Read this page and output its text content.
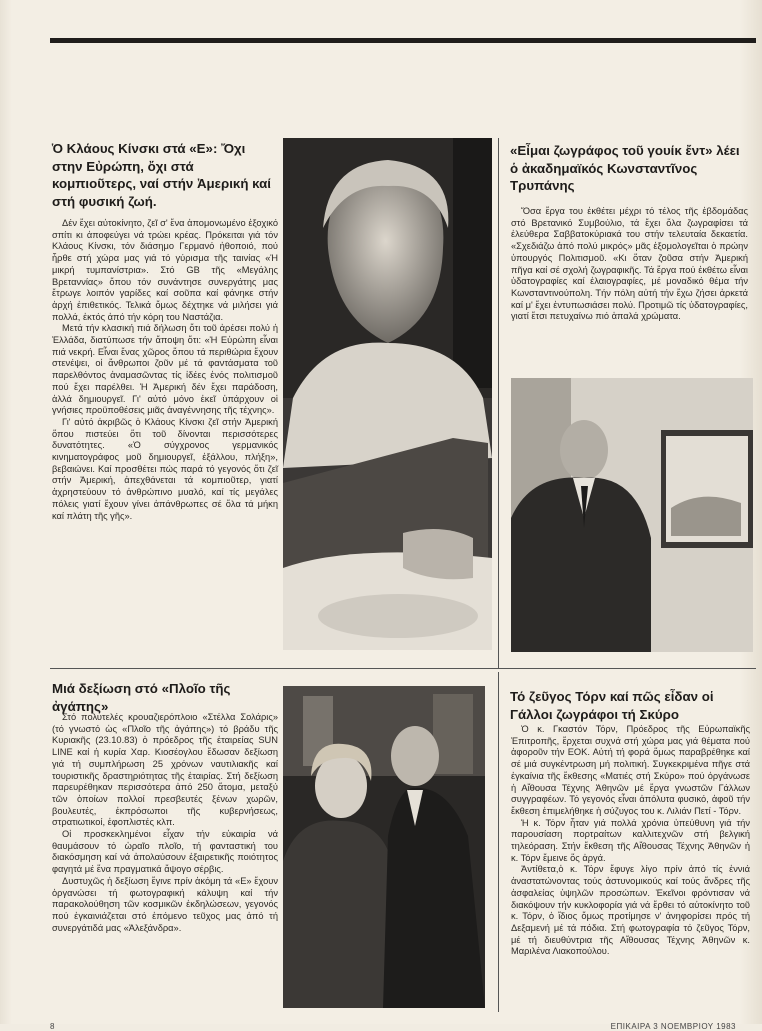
Ὁ Κλάους Κίνσκι στά «Ε»: Ὄχι στην Εὐρώπη, ὄχι στά κομπιοῦτερς, ναί στήν Ἀμερική καί στή φυσική ζωή.

Δέν ἔχει αὐτοκίνητο, ζεῖ σ' ἕνα ἀπομονωμένο ἐξοχικό σπίτι κι ἀποφεύγει νά τρώει κρέας. Πρόκειται γιά τόν Κλάους Κίνσκι, τόν διάσημο Γερμανό ἠθοποιό, πού ἦρθε στή χώρα μας γιά τό γύρισμα τῆς ταινίας «Ἡ μικρή τυμπανίστρια». Στό GB τῆς «Μεγάλης Βρεταννίας» ὅπου τόν συνάντησε συνεργάτης μας ἔτρωγε λοιπόν γαρίδες καί σοῦπα καί φάνηκε στήν ἀρχή ἐπιθετικός. Τελικά ὅμως δέχτηκε νά μιλήσει γιά πολλά, ἐκτός ἀπό τήν κόρη του Ναστάζια.

Μετά τήν κλασική πιά δήλωση ὅτι τοῦ ἀρέσει πολύ ἡ Ἑλλάδα, διατύπωσε τήν ἄποψη ὅτι: «Ἡ Εὐρώπη εἶναι πιά νεκρή. Εἶναι ἕνας χῶρος ὅπου τά περιθώρια ἔχουν στενέψει, οἱ ἄνθρωποι ζοῦν μέ τά φαντάσματα τοῦ παρελθόντος ἀναμασῶντας τίς ἰδέες ἑνός πολιτισμοῦ πού ἔχει παρέλθει. Ἡ Ἀμερική δέν ἔχει παράδοση, ἀλλά δημιουργεῖ. Γι' αὐτό μόνο ἐκεῖ ὑπάρχουν οἱ γνήσιες προϋποθέσεις μιᾶς ἀναγέννησης τῆς τέχνης».

Γι' αὐτό ἀκριβῶς ὁ Κλάους Κίνσκι ζεῖ στήν Ἀμερική ὅπου πιστεύει ὅτι τοῦ δίνονται περισσότερες δυνατότητες. «Ὁ σύγχρονος γερμανικός κινηματογράφος μοῦ δημιουργεῖ, ἐξάλλου, πλήξη», βεβαιώνει. Καί προσθέτει πώς παρά τό γεγονός ὅτι ζεῖ στήν Ἀμερική, ἀπεχθάνεται τά κομπιοῦτερ, γιατί ἀχρηστεύουν τό ἀνθρώπινο μυαλό, καί τίς μεγάλες πόλεις γιατί ἔχουν γίνει ἀπάνθρωπες σέ ὅλα τά μήκη καί πλάτη τῆς γῆς».

«Εἶμαι ζωγράφος τοῦ γουίκ ἔντ» λέει ὁ ἀκαδημαϊκός Κωνσταντῖνος Τρυπάνης

Ὅσα ἔργα του ἐκθέτει μέχρι τό τέλος τῆς ἑβδομάδας στό Βρετανικό Συμβούλιο, τά ἔχει ὅλα ζωγραφίσει τά ἐλεύθερα Σαββατοκύριακά του στήν τελευταία δεκαετία. «Σχεδιάζω ἀπό πολύ μικρός» μᾶς ἐξομολογεῖται ὁ πρώην ὑπουργός Πολιτισμοῦ. «Κι ὅταν ζοῦσα στήν Ἀμερική πῆγα καί σέ σχολή ζωγραφικῆς. Τά ἔργα πού ἐκθέτω εἶναι ὑδατογραφίες καί ἐλαιογραφίες, μέ μοναδικό θέμα τήν Κωνσταντινούπολη. Τήν πόλη αὐτή τήν ἔχω ζήσει ἀρκετά καί μ' ἔχει ἐντυπωσιάσει πολύ. Προτιμῶ τίς ὑδατογραφίες, γιατί ἔτσι πετυχαίνω πιό ἁπαλά χρώματα.

Μιά δεξίωση στό «Πλοῖο τῆς ἀγάπης»

Στό πολυτελές κρουαζιερόπλοιο «Στέλλα Σολάρις» (τό γνωστό ὡς «Πλοῖο τῆς ἀγάπης») τό βράδυ τῆς Κυριακῆς (23.10.83) ὁ πρόεδρος τῆς ἑταιρείας SUN LINE καί ἡ κυρία Χαρ. Κιοσέογλου ἔδωσαν δεξίωση γιά τή συμπλήρωση 25 χρόνων ναυτιλιακῆς καί τουριστικῆς δραστηριότητας τῆς ἑταιρίας. Στή δεξίωση παρευρέθηκαν περισσότερα ἀπό 250 ἄτομα, μεταξύ τῶν ὁποίων πολλοί πρεσβευτές ξένων χωρῶν, βουλευτές, ἐκπρόσωποι τῆς κυβερνήσεως, στρατιωτικοί, ἐφοπλιστές κλπ.

Οἱ προσκεκλημένοι εἶχαν τήν εὐκαιρία νά θαυμάσουν τό ὡραῖο πλοῖο, τή φανταστική του διακόσμηση καί νά ἀπολαύσουν ἐξαιρετικῆς ποιότητος φαγητά μέ ἕνα πραγματικά ἄψογο σέρβις.

Δυστυχῶς ἡ δεξίωση ἔγινε πρίν ἀκόμη τά «Ε» ἔχουν ὀργανώσει τή φωτογραφική κάλυψη καί τήν παρακολούθηση τῶν κοσμικῶν ἐκδηλώσεων, γεγονός πού ἐγκαινιάζεται στό ἐπόμενο τεῦχος μας ἀπό τή συνεργάτιδά μας «Ἀλεξάνδρα».

Τό ζεῦγος Τόρν καί πῶς εἶδαν οἱ Γάλλοι ζωγράφοι τή Σκύρο

Ὁ κ. Γκαστόν Τόρν, Πρόεδρος τῆς Εὐρωπαϊκῆς Ἐπιτροπῆς, ἔρχεται συχνά στή χώρα μας γιά θέματα πού ἀφοροῦν τήν ΕΟΚ. Αὐτή τή φορά ὅμως παραβρέθηκε καί σέ μιά συγκέντρωση μή πολιτική. Συγκεκριμένα πῆγε στά ἐγκαίνια τῆς ἔκθεσης «Ματιές στή Σκύρο» πού ὀργάνωσε ἡ Αἴθουσα Τέχνης Ἀθηνῶν μέ ἔργα γνωστῶν Γάλλων συγγραφέων. Τό γεγονός εἶναι ἀπόλυτα φυσικό, ἀφοῦ τήν ἔκθεση ἐπιμελήθηκε ἡ σύζυγος του κ. Λιλιάν Πετί - Τόρν.

Ἡ κ. Τόρν ἦταν γιά πολλά χρόνια ὑπεύθυνη γιά τήν παρουσίαση πορτραίτων καλλιτεχνῶν στή βελγική τηλεόραση. Στήν ἔκθεση τῆς Αἴθουσας Τέχνης Ἀθηνῶν ἡ κ. Τόρν ἔμεινε ὅς ἀργά.

Ἀντίθετα,ὁ κ. Τόρν ἔφυγε λίγο πρίν ἀπό τίς ἐννιά ἀναστατώνοντας τούς ἀστυνομικούς καί τούς ἄνδρες τῆς ἀσφαλείας ὑψηλῶν προσώπων. Ἐκεῖνοι φρόντισαν νά διακόψουν τήν κυκλοφορία γιά νά ἔρθει τό αὐτοκίνητο τοῦ κ. Τόρν, ὁ ἴδιος ὅμως προτίμησε ν' ἀνηφορίσει πρός τή Δεξαμενή μέ τά πόδια. Στή φωτογραφία τό ζεῦγος Τόρν, μέ τή διευθύντρια τῆς Αἴθουσας Τέχνης Ἀθηνῶν κ. Μαριλένα Λιακοπούλου.

8	ΕΠΙΚΑΙΡΑ 3 ΝΟΕΜΒΡΙΟΥ 1983
